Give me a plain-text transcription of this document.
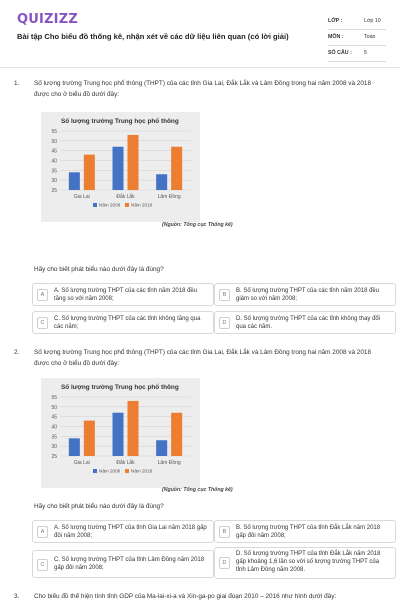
QUIZIZZ
Bài tập Cho biểu đồ thống kê, nhận xét về các dữ liệu liên quan (có lời giải)
LỚP :	Lớp 10
MÔN :	Toán
SỐ CÂU : 5
1. Số lượng trường Trung học phổ thông (THPT) của các tỉnh Gia Lai, Đắk Lắk và Lâm Đồng trong hai năm 2008 và 2018 được cho ở biểu đồ dưới đây:
Số lượng trường Trung học phổ thông
25
30
35
40
45
50
55
Gia Lai	Đắk Lắk	Lâm Đồng
Năm 2008 Năm 2018
(Nguồn: Tổng cục Thống kê)
Hãy cho biết phát biểu nào dưới đây là đúng?
A
A. Số lượng trường THPT của các tỉnh năm 2018 đều tăng so với năm 2008;
B
B. Số lượng trường THPT của các tỉnh năm 2018 đều giảm so với năm 2008;
C
C. Số lượng trường THPT của các tỉnh không tăng qua các năm;
D
D. Số lượng trường THPT của các tỉnh không thay đổi qua các năm.
2. Số lượng trường Trung học phổ thông (THPT) của các tỉnh Gia Lai, Đắk Lắk và Lâm Đồng trong hai năm 2008 và 2018 được cho ở biểu đồ dưới đây:
Số lượng trường Trung học phổ thông
25
30
35
40
45
50
55
Gia Lai	Đắk Lắk	Lâm Đồng
Năm 2008 Năm 2018
(Nguồn: Tổng cục Thống kê)
Hãy cho biết phát biểu nào dưới đây là đúng?
A
A. Số lượng trường THPT của tỉnh Gia Lai năm 2018 gấp đôi năm 2008;
B
B. Số lượng trường THPT của tỉnh Đắk Lắk năm 2018 gấp đôi năm 2008;
C
C. Số lượng trường THPT của tỉnh Lâm Đồng năm 2018 gấp đôi năm 2008;
D
D. Số lượng trường THPT của tỉnh Đắk Lắk năm 2018 gấp khoảng 1,6 lần so với số lượng trường THPT của tỉnh Lâm Đồng năm 2008.
3. Cho biểu đồ thể hiện tính tỉnh GDP của Ma-lai-xi-a và Xin-ga-po giai đoạn 2010 – 2016 như hình dưới đây:
